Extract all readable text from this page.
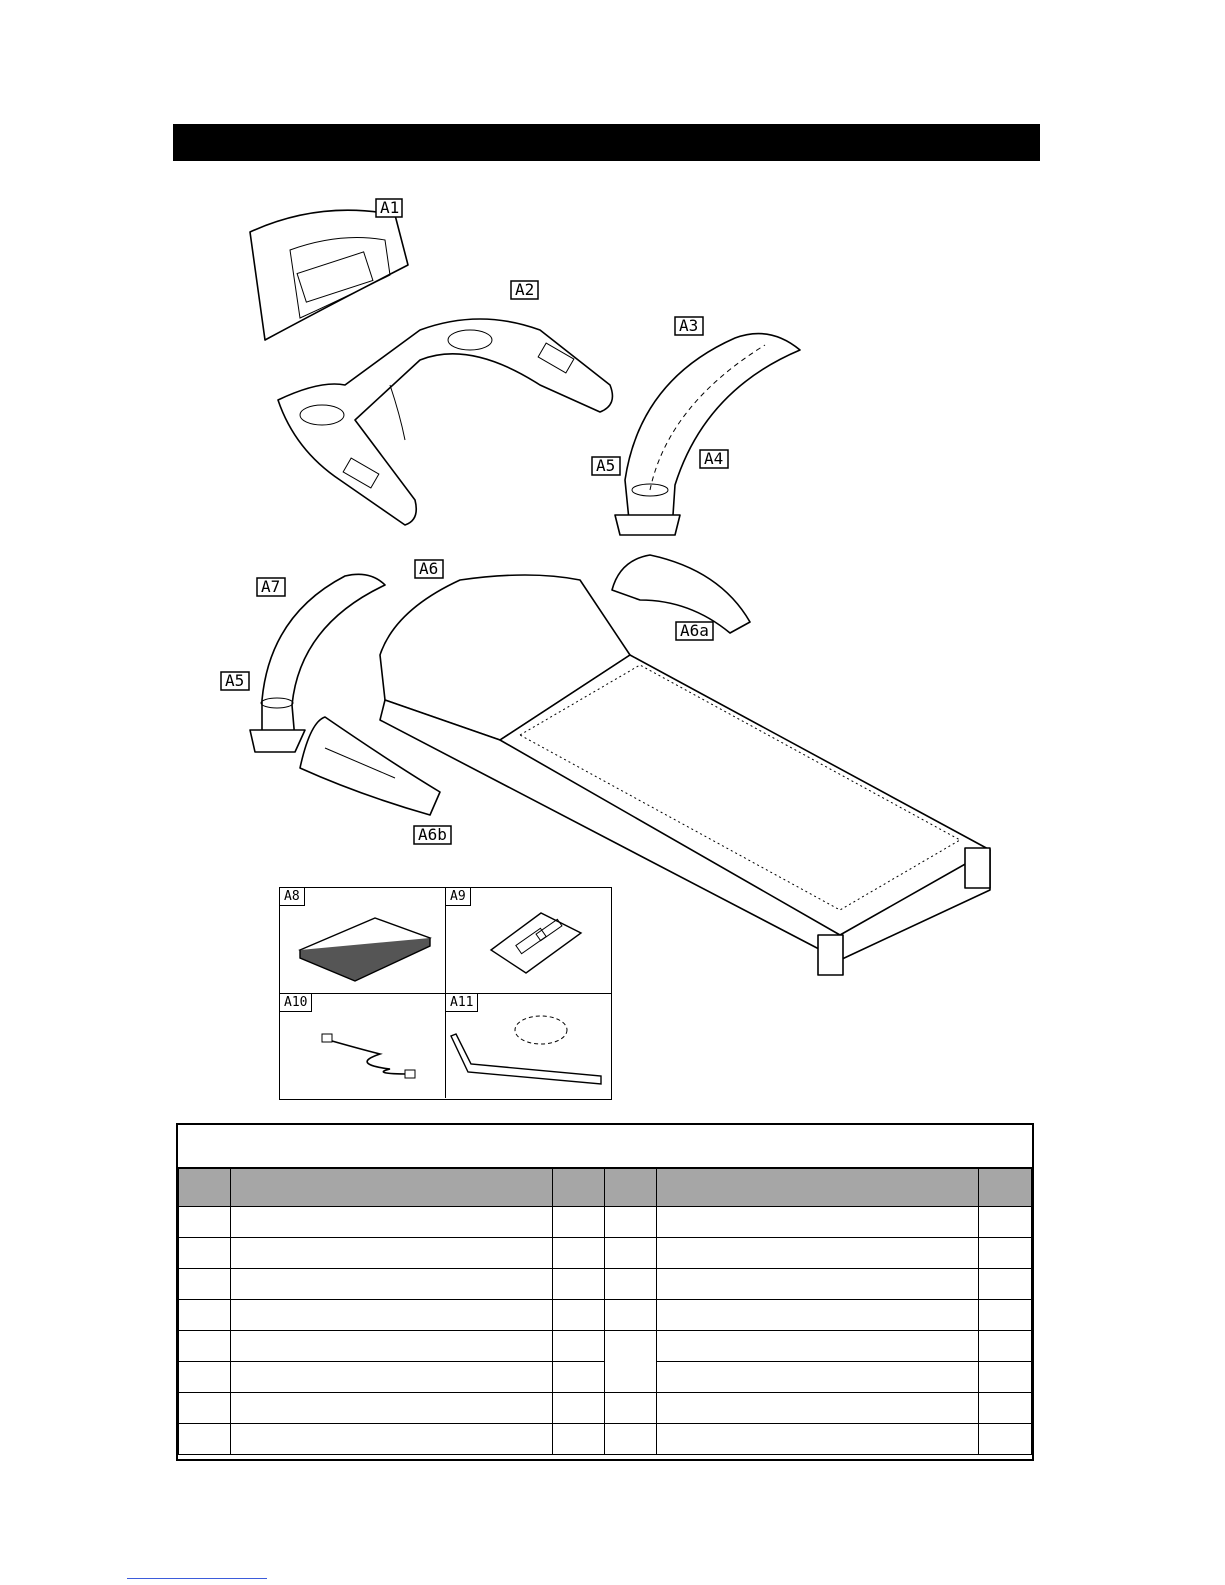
A1
A2
A3
A4
A5
A6a
A7
A5
A6b
A6
A8	A9
A10	A11
